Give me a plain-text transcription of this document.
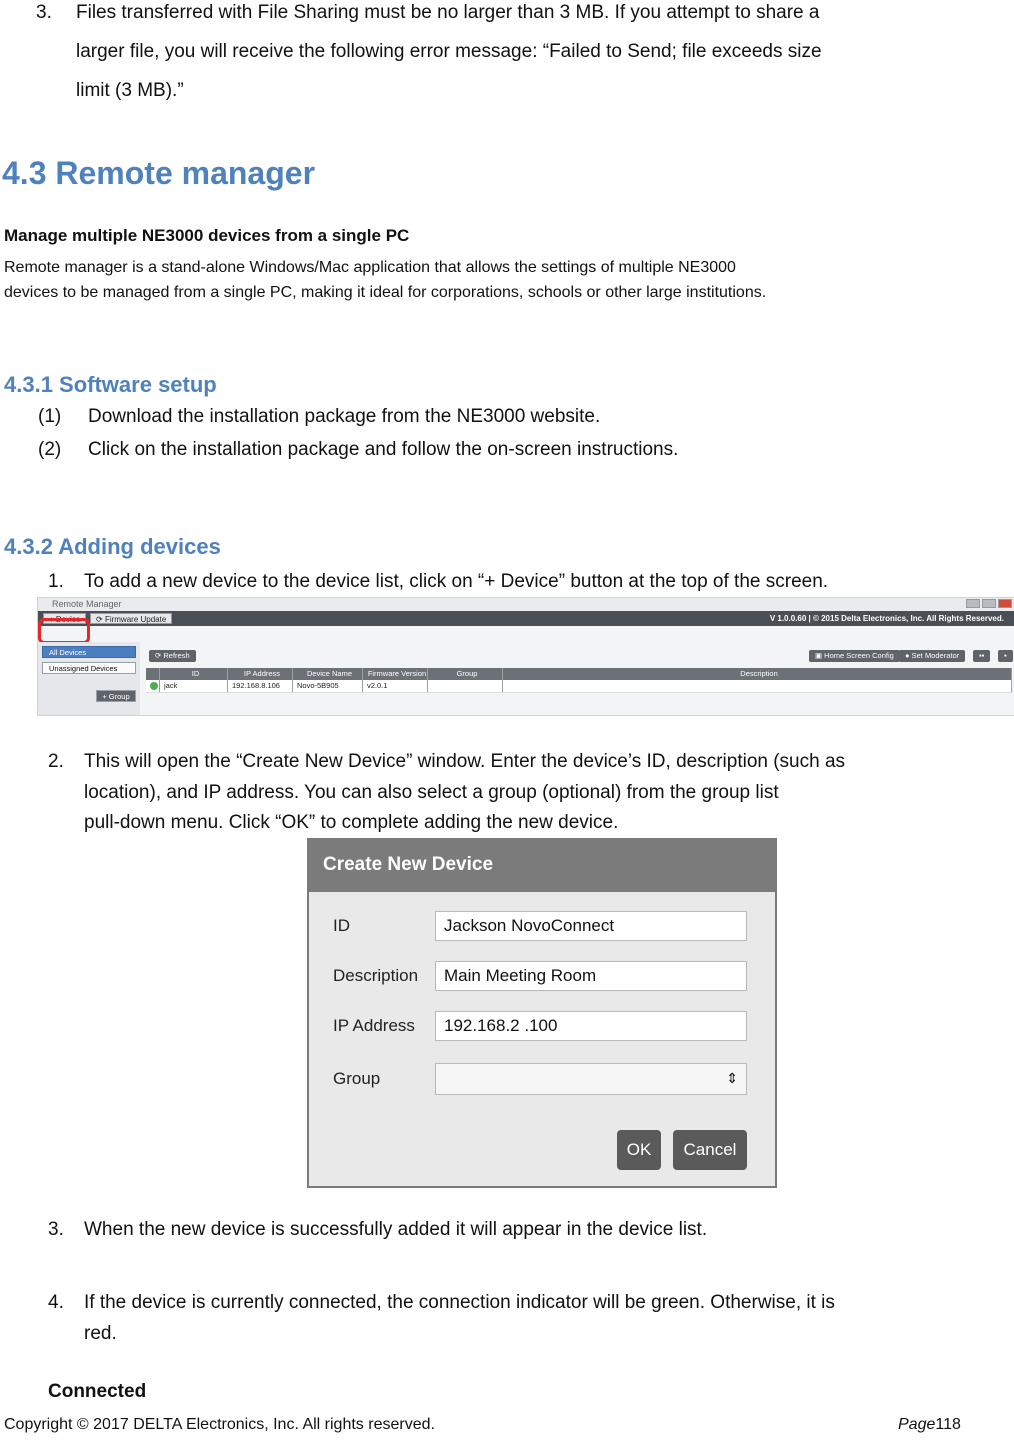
3. Files transferred with File Sharing must be no larger than 3 MB. If you attempt to share a
larger file, you will receive the following error message: “Failed to Send; file exceeds size
limit (3 MB).”
4.3 Remote manager
Manage multiple NE3000 devices from a single PC
Remote manager is a stand-alone Windows/Mac application that allows the settings of multiple NE3000
devices to be managed from a single PC, making it ideal for corporations, schools or other large institutions.
4.3.1 Software setup
(1) Download the installation package from the NE3000 website.
(2) Click on the installation package and follow the on-screen instructions.
4.3.2 Adding devices
1. To add a new device to the device list, click on “+ Device” button at the top of the screen.
Remote Manager
+ Device	⟳ Firmware Update	V 1.0.0.60 | © 2015 Delta Electronics, Inc. All Rights Reserved.
All Devices
Unassigned Devices
+ Group
⟳ Refresh	▣ Home Screen Config	● Set Moderator	▪▪	▪
ID	IP Address	Device Name	Firmware Version	Group	Description
jack	192.168.8.106	Novo-5B905	v2.0.1
2. This will open the “Create New Device” window. Enter the device’s ID, description (such as
location), and IP address. You can also select a group (optional) from the group list
pull-down menu. Click “OK” to complete adding the new device.
Create New Device
ID	Jackson NovoConnect
Description	Main Meeting Room
IP Address	192.168.2 .100
Group	⇕
OK	Cancel
3. When the new device is successfully added it will appear in the device list.
4. If the device is currently connected, the connection indicator will be green. Otherwise, it is
red.
Connected
Copyright © 2017 DELTA Electronics, Inc. All rights reserved.	Page118
